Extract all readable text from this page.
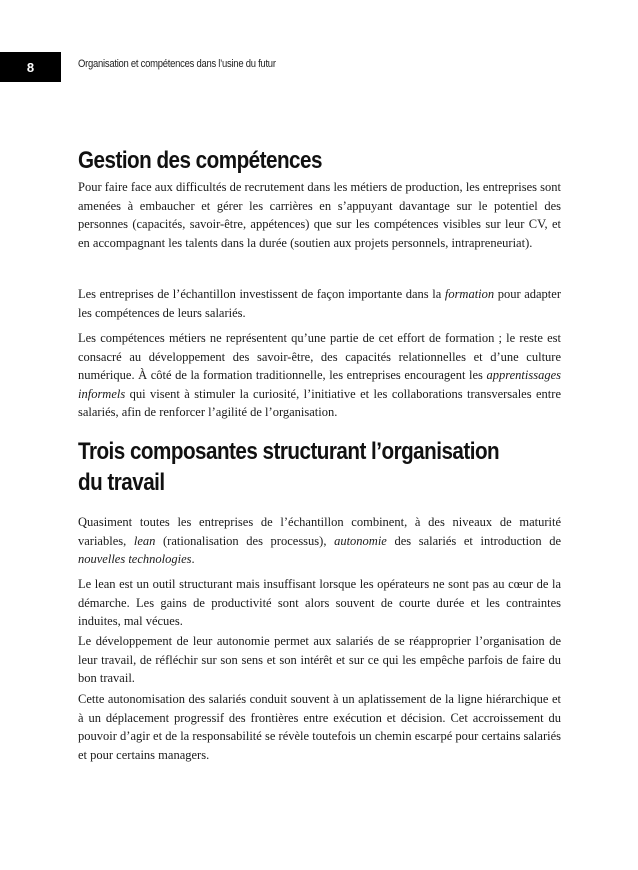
8	Organisation et compétences dans l’usine du futur
Gestion des compétences

Pour faire face aux difficultés de recrutement dans les métiers de production, les entreprises sont amenées à embaucher et gérer les carrières en s’appuyant davantage sur le potentiel des personnes (capacités, savoir-être, appétences) que sur les compétences visibles sur leur CV, et en accompagnant les talents dans la durée (soutien aux projets personnels, intrapreneuriat).

Les entreprises de l’échantillon investissent de façon importante dans la formation pour adapter les compétences de leurs salariés.

Les compétences métiers ne représentent qu’une partie de cet effort de formation ; le reste est consacré au développement des savoir-être, des capacités relationnelles et d’une culture numérique. À côté de la formation traditionnelle, les entreprises encouragent les apprentissages informels qui visent à stimuler la curiosité, l’initiative et les collaborations transversales entre salariés, afin de renforcer l’agilité de l’organisation.

Trois composantes structurant l’organisation
du travail

Quasiment toutes les entreprises de l’échantillon combinent, à des niveaux de maturité variables, lean (rationalisation des processus), autonomie des salariés et introduction de nouvelles technologies.

Le lean est un outil structurant mais insuffisant lorsque les opérateurs ne sont pas au cœur de la démarche. Les gains de productivité sont alors souvent de courte durée et les contraintes induites, mal vécues.

Le développement de leur autonomie permet aux salariés de se réapproprier l’organisation de leur travail, de réfléchir sur son sens et son intérêt et sur ce qui les empêche parfois de faire du bon travail.

Cette autonomisation des salariés conduit souvent à un aplatissement de la ligne hiérarchique et à un déplacement progressif des frontières entre exécution et décision. Cet accroissement du pouvoir d’agir et de la responsabilité se révèle toutefois un chemin escarpé pour certains salariés et pour certains managers.
